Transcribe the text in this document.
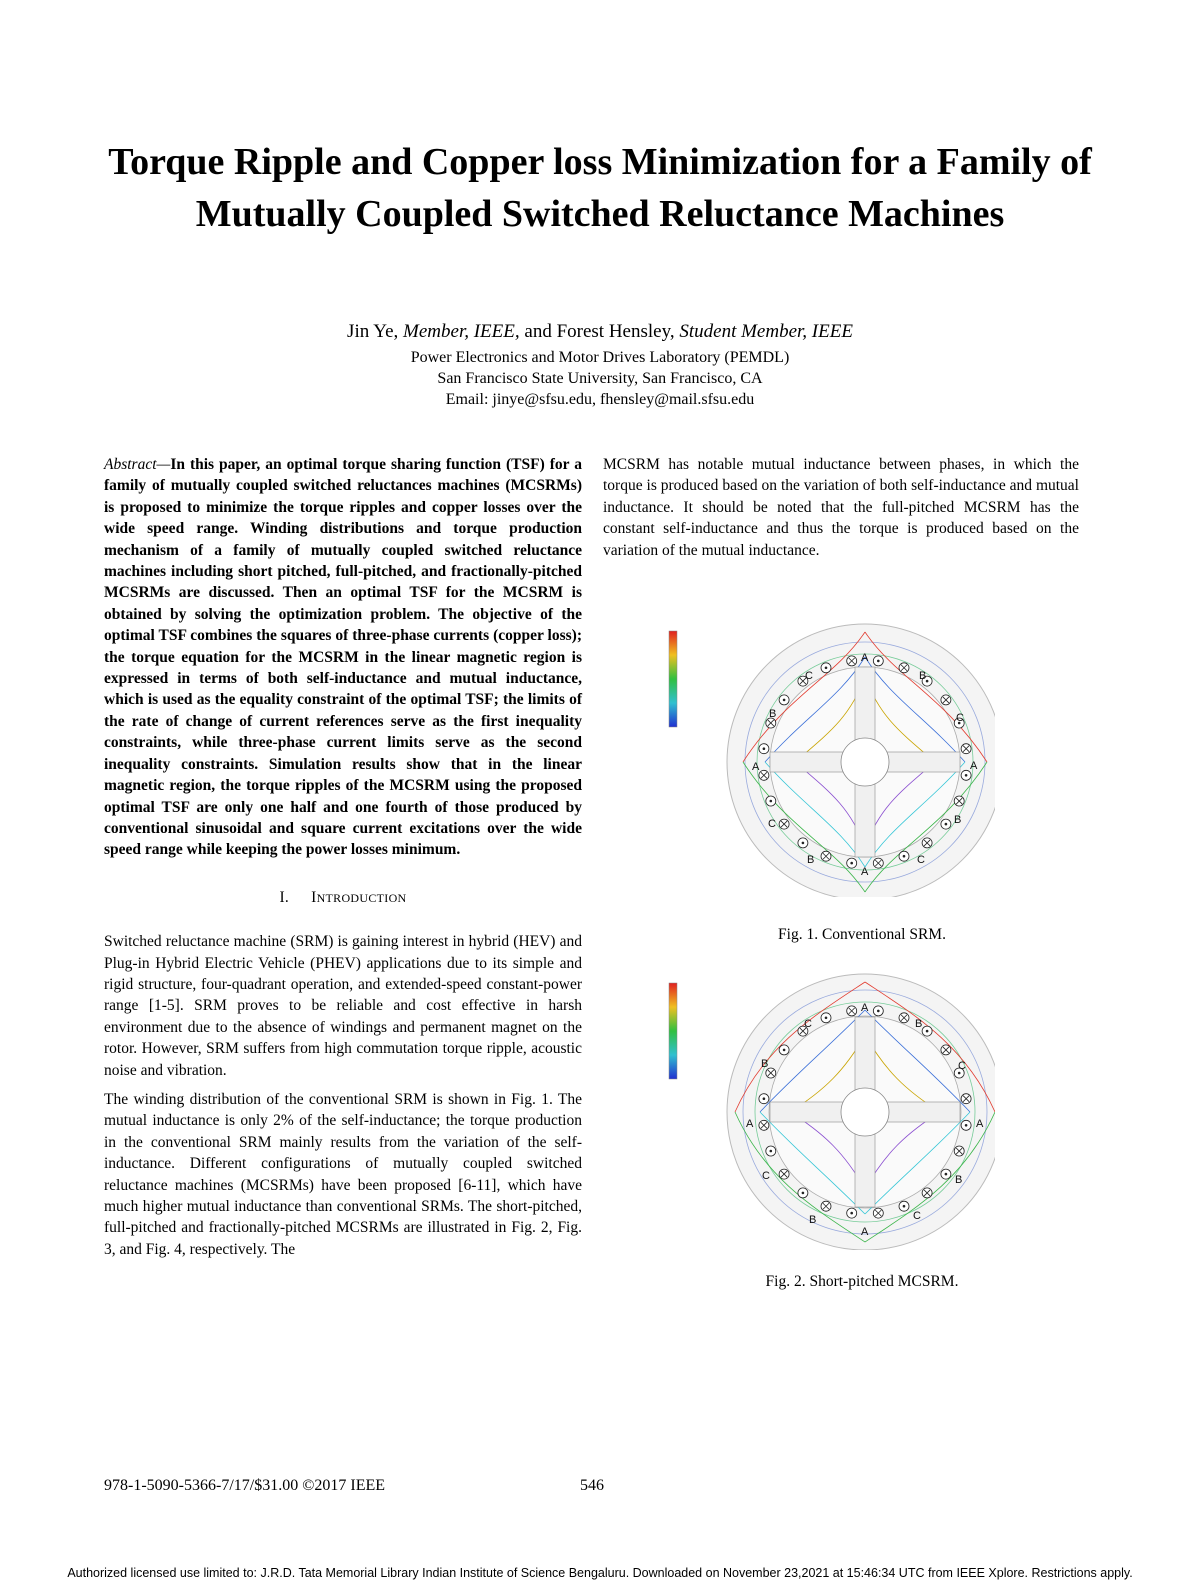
Torque Ripple and Copper loss Minimization for a Family of Mutually Coupled Switched Reluctance Machines
Jin Ye, Member, IEEE, and Forest Hensley, Student Member, IEEE
Power Electronics and Motor Drives Laboratory (PEMDL)
San Francisco State University, San Francisco, CA
Email: jinye@sfsu.edu, fhensley@mail.sfsu.edu

Abstract—In this paper, an optimal torque sharing function (TSF) for a family of mutually coupled switched reluctances machines (MCSRMs) is proposed to minimize the torque ripples and copper losses over the wide speed range. Winding distributions and torque production mechanism of a family of mutually coupled switched reluctance machines including short pitched, full-pitched, and fractionally-pitched MCSRMs are discussed. Then an optimal TSF for the MCSRM is obtained by solving the optimization problem. The objective of the optimal TSF combines the squares of three-phase currents (copper loss); the torque equation for the MCSRM in the linear magnetic region is expressed in terms of both self-inductance and mutual inductance, which is used as the equality constraint of the optimal TSF; the limits of the rate of change of current references serve as the first inequality constraints, while three-phase current limits serve as the second inequality constraints. Simulation results show that in the linear magnetic region, the torque ripples of the MCSRM using the proposed optimal TSF are only one half and one fourth of those produced by conventional sinusoidal and square current excitations over the wide speed range while keeping the power losses minimum.

I. INTRODUCTION

Switched reluctance machine (SRM) is gaining interest in hybrid (HEV) and Plug-in Hybrid Electric Vehicle (PHEV) applications due to its simple and rigid structure, four-quadrant operation, and extended-speed constant-power range [1-5]. SRM proves to be reliable and cost effective in harsh environment due to the absence of windings and permanent magnet on the rotor. However, SRM suffers from high commutation torque ripple, acoustic noise and vibration.

The winding distribution of the conventional SRM is shown in Fig. 1. The mutual inductance is only 2% of the self-inductance; the torque production in the conventional SRM mainly results from the variation of the self-inductance. Different configurations of mutually coupled switched reluctance machines (MCSRMs) have been proposed [6-11], which have much higher mutual inductance than conventional SRMs. The short-pitched, full-pitched and fractionally-pitched MCSRMs are illustrated in Fig. 2, Fig. 3, and Fig. 4, respectively. The

MCSRM has notable mutual inductance between phases, in which the torque is produced based on the variation of both self-inductance and mutual inductance. It should be noted that the full-pitched MCSRM has the constant self-inductance and thus the torque is produced based on the variation of the mutual inductance.

A
B
C
A
B
C
A
B
C
A
B
C
Fig. 1. Conventional SRM.
A
B
C
A
B
C
A
B
C
A
B
C
Fig. 2. Short-pitched MCSRM.
978-1-5090-5366-7/17/$31.00 ©2017 IEEE	546
Authorized licensed use limited to: J.R.D. Tata Memorial Library Indian Institute of Science Bengaluru. Downloaded on November 23,2021 at 15:46:34 UTC from IEEE Xplore. Restrictions apply.
